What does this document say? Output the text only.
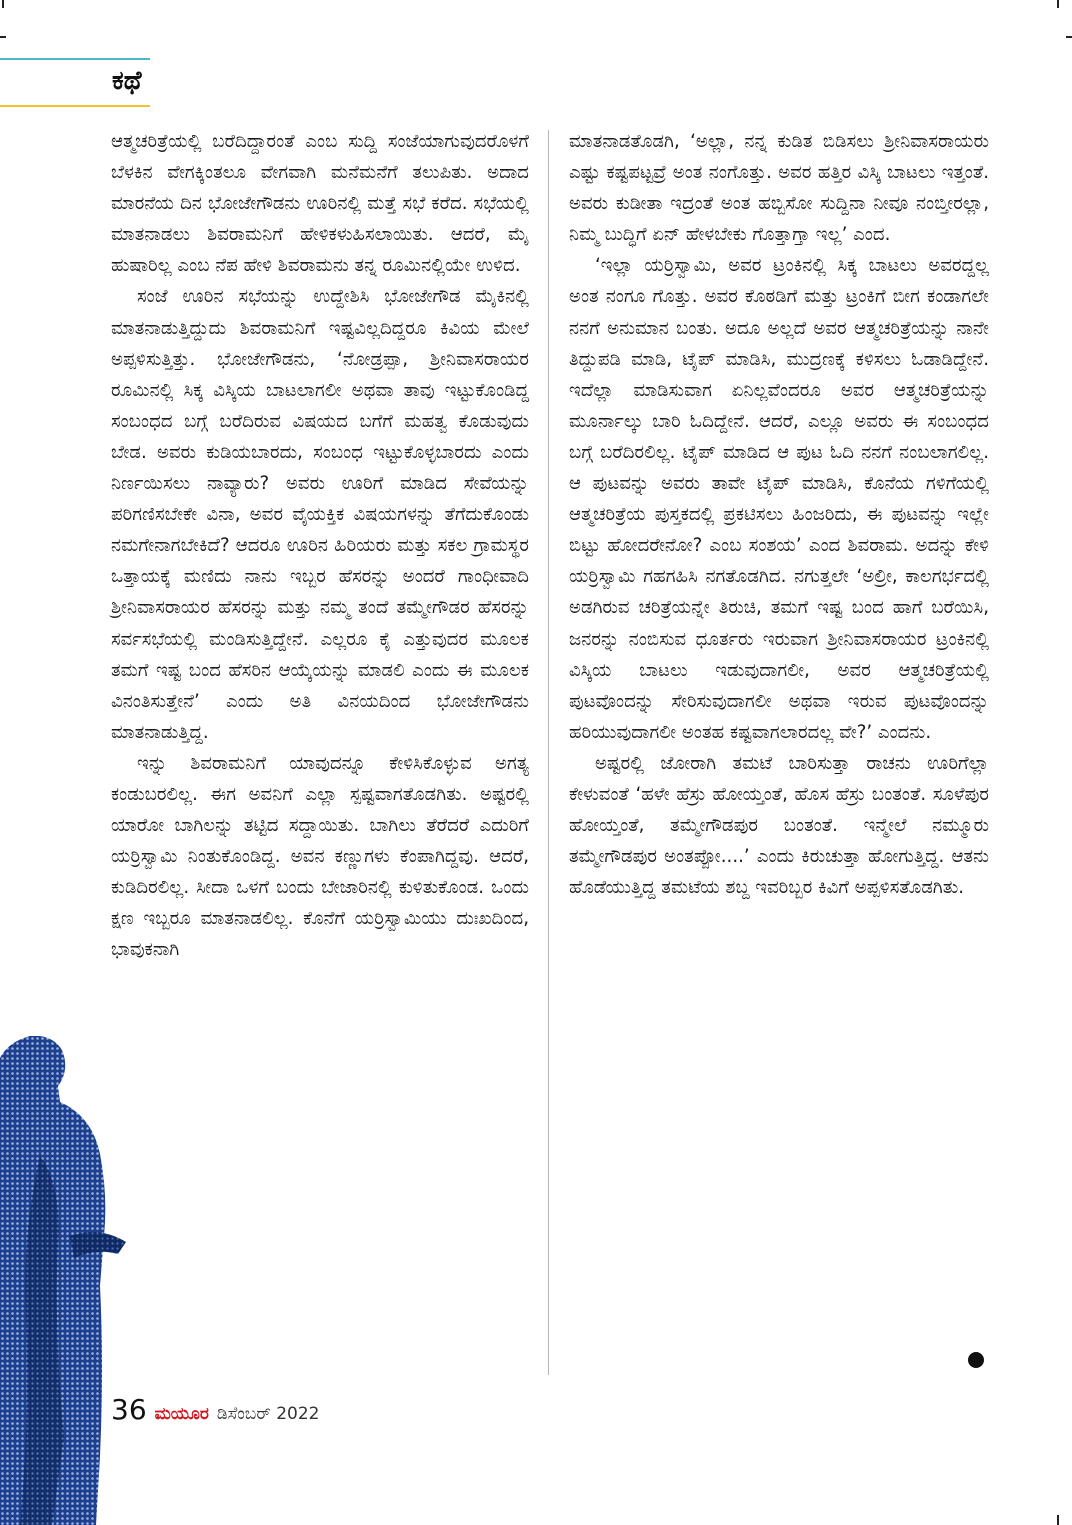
ಕಥೆ

ಆತ್ಮಚರಿತ್ರೆಯಲ್ಲಿ ಬರೆದಿದ್ದಾರಂತೆ ಎಂಬ ಸುದ್ದಿ ಸಂಜೆಯಾಗುವುದರೊಳಗೆ ಬೆಳಕಿನ ವೇಗಕ್ಕಿಂತಲೂ ವೇಗವಾಗಿ ಮನೆಮನೆಗೆ ತಲುಪಿತು. ಅದಾದ ಮಾರನೆಯ ದಿನ ಭೋಜೇಗೌಡನು ಊರಿನಲ್ಲಿ ಮತ್ತೆ ಸಭೆ ಕರೆದ. ಸಭೆಯಲ್ಲಿ ಮಾತನಾಡಲು ಶಿವರಾಮನಿಗೆ ಹೇಳಿಕಳುಹಿಸಲಾಯಿತು. ಆದರೆ, ಮೈ ಹುಷಾರಿಲ್ಲ ಎಂಬ ನೆಪ ಹೇಳಿ ಶಿವರಾಮನು ತನ್ನ ರೂಮಿನಲ್ಲಿಯೇ ಉಳಿದ.

ಸಂಜೆ ಊರಿನ ಸಭೆಯನ್ನು ಉದ್ದೇಶಿಸಿ ಭೋಜೇಗೌಡ ಮೈಕಿನಲ್ಲಿ ಮಾತನಾಡುತ್ತಿದ್ದುದು ಶಿವರಾಮನಿಗೆ ಇಷ್ಟವಿಲ್ಲದಿದ್ದರೂ ಕಿವಿಯ ಮೇಲೆ ಅಪ್ಪಳಿಸುತ್ತಿತ್ತು. ಭೋಜೇಗೌಡನು, ‘ನೋಡ್ರಪ್ಪಾ, ಶ್ರೀನಿವಾಸರಾಯರ ರೂಮಿನಲ್ಲಿ ಸಿಕ್ಕ ವಿಸ್ಕಿಯ ಬಾಟಲಾಗಲೀ ಅಥವಾ ತಾವು ಇಟ್ಟುಕೊಂಡಿದ್ದ ಸಂಬಂಧದ ಬಗ್ಗೆ ಬರೆದಿರುವ ವಿಷಯದ ಬಗೆಗೆ ಮಹತ್ವ ಕೊಡುವುದು ಬೇಡ. ಅವರು ಕುಡಿಯಬಾರದು, ಸಂಬಂಧ ಇಟ್ಟುಕೊಳ್ಳಬಾರದು ಎಂದು ನಿರ್ಣಯಿಸಲು ನಾವ್ಯಾರು? ಅವರು ಊರಿಗೆ ಮಾಡಿದ ಸೇವೆಯನ್ನು ಪರಿಗಣಿಸಬೇಕೇ ವಿನಾ, ಅವರ ವೈಯಕ್ತಿಕ ವಿಷಯಗಳನ್ನು ತೆಗೆದುಕೊಂಡು ನಮಗೇನಾಗಬೇಕಿದೆ? ಆದರೂ ಊರಿನ ಹಿರಿಯರು ಮತ್ತು ಸಕಲ ಗ್ರಾಮಸ್ಥರ ಒತ್ತಾಯಕ್ಕೆ ಮಣಿದು ನಾನು ಇಬ್ಬರ ಹೆಸರನ್ನು ಅಂದರೆ ಗಾಂಧೀವಾದಿ ಶ್ರೀನಿವಾಸರಾಯರ ಹೆಸರನ್ನು ಮತ್ತು ನಮ್ಮ ತಂದೆ ತಮ್ಮೇಗೌಡರ ಹೆಸರನ್ನು ಸರ್ವಸಭೆಯಲ್ಲಿ ಮಂಡಿಸುತ್ತಿದ್ದೇನೆ. ಎಲ್ಲರೂ ಕೈ ಎತ್ತುವುದರ ಮೂಲಕ ತಮಗೆ ಇಷ್ಟ ಬಂದ ಹೆಸರಿನ ಆಯ್ಕೆಯನ್ನು ಮಾಡಲಿ ಎಂದು ಈ ಮೂಲಕ ವಿನಂತಿಸುತ್ತೇನೆ’ ಎಂದು ಅತಿ ವಿನಯದಿಂದ ಭೋಜೇಗೌಡನು ಮಾತನಾಡುತ್ತಿದ್ದ.

ಇನ್ನು ಶಿವರಾಮನಿಗೆ ಯಾವುದನ್ನೂ ಕೇಳಿಸಿಕೊಳ್ಳುವ ಅಗತ್ಯ ಕಂಡುಬರಲಿಲ್ಲ. ಈಗ ಅವನಿಗೆ ಎಲ್ಲಾ ಸ್ಪಷ್ಟವಾಗತೊಡಗಿತು. ಅಷ್ಟರಲ್ಲಿ ಯಾರೋ ಬಾಗಿಲನ್ನು ತಟ್ಟಿದ ಸದ್ದಾಯಿತು. ಬಾಗಿಲು ತೆರೆದರೆ ಎದುರಿಗೆ ಯರ್ರಿಸ್ವಾಮಿ ನಿಂತುಕೊಂಡಿದ್ದ. ಅವನ ಕಣ್ಣುಗಳು ಕೆಂಪಾಗಿದ್ದವು. ಆದರೆ, ಕುಡಿದಿರಲಿಲ್ಲ. ಸೀದಾ ಒಳಗೆ ಬಂದು ಬೇಜಾರಿನಲ್ಲಿ ಕುಳಿತುಕೊಂಡ. ಒಂದು ಕ್ಷಣ ಇಬ್ಬರೂ ಮಾತನಾಡಲಿಲ್ಲ. ಕೊನೆಗೆ ಯರ್ರಿಸ್ವಾಮಿಯು ದುಃಖದಿಂದ, ಭಾವುಕನಾಗಿ

ಮಾತನಾಡತೊಡಗಿ, ‘ಅಲ್ಲಾ, ನನ್ನ ಕುಡಿತ ಬಿಡಿಸಲು ಶ್ರೀನಿವಾಸರಾಯರು ಎಷ್ಟು ಕಷ್ಟಪಟ್ಟವ್ರೆ ಅಂತ ನಂಗೊತ್ತು. ಅವರ ಹತ್ತಿರ ವಿಸ್ಕಿ ಬಾಟಲು ಇತ್ತಂತೆ. ಅವರು ಕುಡೀತಾ ಇದ್ರಂತೆ ಅಂತ ಹಬ್ಬಿಸೋ ಸುದ್ದಿನಾ ನೀವೂ ನಂಬ್ತೀರಲ್ಲಾ, ನಿಮ್ಮ ಬುದ್ಧಿಗೆ ಏನ್ ಹೇಳಬೇಕು ಗೊತ್ತಾಗ್ತಾ ಇಲ್ಲ’ ಎಂದ.

‘ಇಲ್ಲಾ ಯರ್ರಿಸ್ವಾಮಿ, ಅವರ ಟ್ರಂಕಿನಲ್ಲಿ ಸಿಕ್ಕ ಬಾಟಲು ಅವರದ್ದಲ್ಲ ಅಂತ ನಂಗೂ ಗೊತ್ತು. ಅವರ ಕೊಠಡಿಗೆ ಮತ್ತು ಟ್ರಂಕಿಗೆ ಬೀಗ ಕಂಡಾಗಲೇ ನನಗೆ ಅನುಮಾನ ಬಂತು. ಅದೂ ಅಲ್ಲದೆ ಅವರ ಆತ್ಮಚರಿತ್ರೆಯನ್ನು ನಾನೇ ತಿದ್ದುಪಡಿ ಮಾಡಿ, ಟೈಪ್ ಮಾಡಿಸಿ, ಮುದ್ರಣಕ್ಕೆ ಕಳಿಸಲು ಓಡಾಡಿದ್ದೇನೆ. ಇದೆಲ್ಲಾ ಮಾಡಿಸುವಾಗ ಏನಿಲ್ಲವೆಂದರೂ ಅವರ ಆತ್ಮಚರಿತ್ರೆಯನ್ನು ಮೂರ್ನಾಲ್ಕು ಬಾರಿ ಓದಿದ್ದೇನೆ. ಆದರೆ, ಎಲ್ಲೂ ಅವರು ಈ ಸಂಬಂಧದ ಬಗ್ಗೆ ಬರೆದಿರಲಿಲ್ಲ. ಟೈಪ್ ಮಾಡಿದ ಆ ಪುಟ ಓದಿ ನನಗೆ ನಂಬಲಾಗಲಿಲ್ಲ. ಆ ಪುಟವನ್ನು ಅವರು ತಾವೇ ಟೈಪ್ ಮಾಡಿಸಿ, ಕೊನೆಯ ಗಳಿಗೆಯಲ್ಲಿ ಆತ್ಮಚರಿತ್ರೆಯ ಪುಸ್ತಕದಲ್ಲಿ ಪ್ರಕಟಿಸಲು ಹಿಂಜರಿದು, ಈ ಪುಟವನ್ನು ಇಲ್ಲೇ ಬಿಟ್ಟು ಹೋದರೇನೋ? ಎಂಬ ಸಂಶಯ’ ಎಂದ ಶಿವರಾಮ. ಅದನ್ನು ಕೇಳಿ ಯರ್ರಿಸ್ವಾಮಿ ಗಹಗಹಿಸಿ ನಗತೊಡಗಿದ. ನಗುತ್ತಲೇ ‘ಅಲ್ರೀ, ಕಾಲಗರ್ಭದಲ್ಲಿ ಅಡಗಿರುವ ಚರಿತ್ರೆಯನ್ನೇ ತಿರುಚಿ, ತಮಗೆ ಇಷ್ಟ ಬಂದ ಹಾಗೆ ಬರೆಯಿಸಿ, ಜನರನ್ನು ನಂಬಿಸುವ ಧೂರ್ತರು ಇರುವಾಗ ಶ್ರೀನಿವಾಸರಾಯರ ಟ್ರಂಕಿನಲ್ಲಿ ವಿಸ್ಕಿಯ ಬಾಟಲು ಇಡುವುದಾಗಲೀ, ಅವರ ಆತ್ಮಚರಿತ್ರೆಯಲ್ಲಿ ಪುಟವೊಂದನ್ನು ಸೇರಿಸುವುದಾಗಲೀ ಅಥವಾ ಇರುವ ಪುಟವೊಂದನ್ನು ಹರಿಯುವುದಾಗಲೀ ಅಂತಹ ಕಷ್ಟವಾಗಲಾರದಲ್ಲ ವೇ?’ ಎಂದನು.

ಅಷ್ಟರಲ್ಲಿ ಜೋರಾಗಿ ತಮಟೆ ಬಾರಿಸುತ್ತಾ ರಾಚನು ಊರಿಗೆಲ್ಲಾ ಕೇಳುವಂತೆ ‘ಹಳೇ ಹೆಸ್ರು ಹೋಯ್ತಂತೆ, ಹೊಸ ಹೆಸ್ರು ಬಂತಂತೆ. ಸೂಳೆಪುರ ಹೋಯ್ತಂತೆ, ತಮ್ಮೇಗೌಡಪುರ ಬಂತಂತೆ. ಇನ್ಮೇಲೆ ನಮ್ಮೂರು ತಮ್ಮೇಗೌಡಪುರ ಅಂತಪ್ಪೋ....’ ಎಂದು ಕಿರುಚುತ್ತಾ ಹೋಗುತ್ತಿದ್ದ. ಆತನು ಹೊಡೆಯುತ್ತಿದ್ದ ತಮಟೆಯ ಶಬ್ದ ಇವರಿಬ್ಬರ ಕಿವಿಗೆ ಅಪ್ಪಳಿಸತೊಡಗಿತು.

36 ಮಯೂರ ಡಿಸೆಂಬರ್ 2022
